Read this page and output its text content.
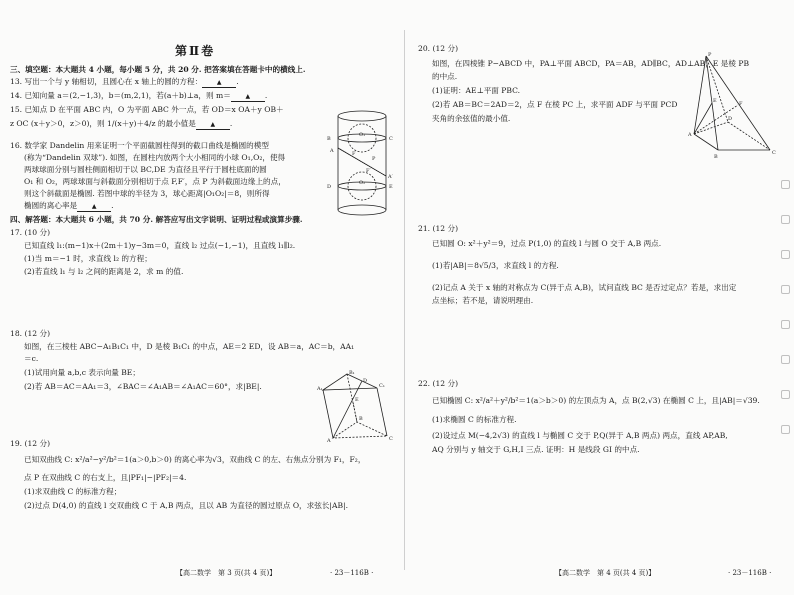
第Ⅱ卷

三、填空题：本大题共 4 小题，每小题 5 分，共 20 分. 把答案填在答题卡中的横线上.

13. 写出一个与 y 轴相切，且圆心在 x 轴上的圆的方程： ▲ .

14. 已知向量 a＝(2,−1,3)，b＝(m,2,1)，若(a＋b)⊥a，则 m＝ ▲ .

15. 已知点 D 在平面 ABC 内，O 为平面 ABC 外一点，若 OD＝x OA＋y OB＋

z OC (x＋y＞0，z＞0)，则 1/(x＋y)＋4/z 的最小值是 ▲ .

16. 数学家 Dandelin 用来证明一个平面截圆柱得到的截口曲线是椭圆的模型

(称为“Dandelin 双球”). 如图，在圆柱内放两个大小相同的小球 O₁,O₂，使得

两球球面分别与圆柱侧面相切于以 BC,DE 为直径且平行于圆柱底面的圆

O₁ 和 O₂，两球球面与斜截面分别相切于点 F,F′，点 P 为斜截面边缘上的点，

则这个斜截面是椭圆. 若图中球的半径为 3，球心距离|O₁O₂|＝8，则所得

椭圆的离心率是 ▲ .

四、解答题：本大题共 6 小题，共 70 分. 解答应写出文字说明、证明过程或演算步骤.

17. (10 分)

已知直线 l₁:(m−1)x＋(2m＋1)y−3m＝0，直线 l₂ 过点(−1,−1)，且直线 l₁∥l₂.

(1)当 m＝−1 时，求直线 l₂ 的方程；

(2)若直线 l₁ 与 l₂ 之间的距离是 2，求 m 的值.

18. (12 分)

如图，在三棱柱 ABC−A₁B₁C₁ 中，D 是棱 B₁C₁ 的中点，AE＝2 ED，设 AB＝a，AC＝b，AA₁

＝c.

(1)试用向量 a,b,c 表示向量 BE；

(2)若 AB＝AC＝AA₁＝3，∠BAC＝∠A₁AB＝∠A₁AC＝60°，求|BE|.

19. (12 分)

已知双曲线 C: x²/a²−y²/b²＝1(a＞0,b＞0) 的离心率为√3，双曲线 C 的左、右焦点分别为 F₁，F₂，

点 P 在双曲线 C 的右支上，且|PF₁|−|PF₂|＝4.

(1)求双曲线 C 的标准方程；

(2)过点 D(4,0) 的直线 l 交双曲线 C 于 A,B 两点，且以 AB 为直径的圆过原点 O，求弦长|AB|.

B	C
D	E
F
F′
P
A
A′
O₁
O₂
A₁
B₁
C₁
D
E
A
B
C

20. (12 分)

如图，在四棱锥 P−ABCD 中，PA⊥平面 ABCD，PA＝AB，AD∥BC，AD⊥AB，E 是棱 PB

的中点.

(1)证明：AE⊥平面 PBC.

(2)若 AB＝BC＝2AD＝2，点 F 在棱 PC 上，求平面 ADF 与平面 PCD

夹角的余弦值的最小值.

21. (12 分)

已知圆 O: x²＋y²＝9，过点 P(1,0) 的直线 l 与圆 O 交于 A,B 两点.

(1)若|AB|＝8√5/3，求直线 l 的方程.

(2)记点 A 关于 x 轴的对称点为 C(异于点 A,B)，试问直线 BC 是否过定点？若是，求出定

点坐标；若不是，请说明理由.

22. (12 分)

已知椭圆 C: x²/a²＋y²/b²＝1(a＞b＞0) 的左顶点为 A，点 B(2,√3) 在椭圆 C 上，且|AB|＝√39.

(1)求椭圆 C 的标准方程.

(2)设过点 M(−4,2√3) 的直线 l 与椭圆 C 交于 P,Q(异于 A,B 两点) 两点，直线 AP,AB,

AQ 分别与 y 轴交于 G,H,I 三点. 证明：H 是线段 GI 的中点.

P
A
B
C
D
E	F

【高二数学　第 3 页(共 4 页)】	· 23－116B ·	【高二数学　第 4 页(共 4 页)】	· 23－116B ·
